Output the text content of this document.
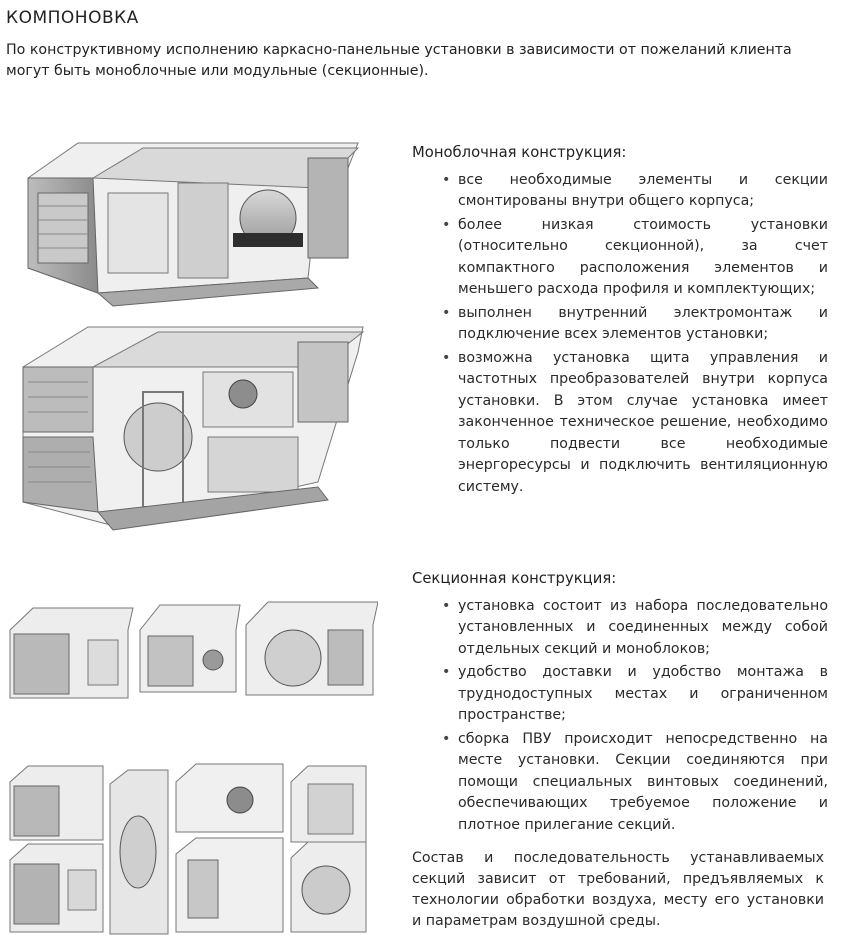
КОМПОНОВКА
По конструктивному исполнению каркасно-панельные установки в зависимости от пожеланий клиента могут быть моноблочные или модульные (секционные).
Моноблочная конструкция:
• все необходимые элементы и секции смонтированы внутри общего корпуса;
• более низкая стоимость установки (относительно секционной), за счет компактного расположения элементов и меньшего расхода профиля и комплектующих;
• выполнен внутренний электромонтаж и подключение всех элементов установки;
• возможна установка щита управления и частотных преобразователей внутри корпуса установки. В этом случае установка имеет законченное техническое решение, необходимо только подвести все необходимые энергоресурсы и подключить вентиляционную систему.
Секционная конструкция:
• установка состоит из набора последовательно установленных и соединенных между собой отдельных секций и моноблоков;
• удобство доставки и удобство монтажа в труднодоступных местах и ограниченном пространстве;
• сборка ПВУ происходит непосредственно на месте установки. Секции соединяются при помощи специальных винтовых соединений, обеспечивающих требуемое положение и плотное прилегание секций.
Состав и последовательность устанавливаемых секций зависит от требований, предъявляемых к технологии обработки воздуха, месту его установки и параметрам воздушной среды.
